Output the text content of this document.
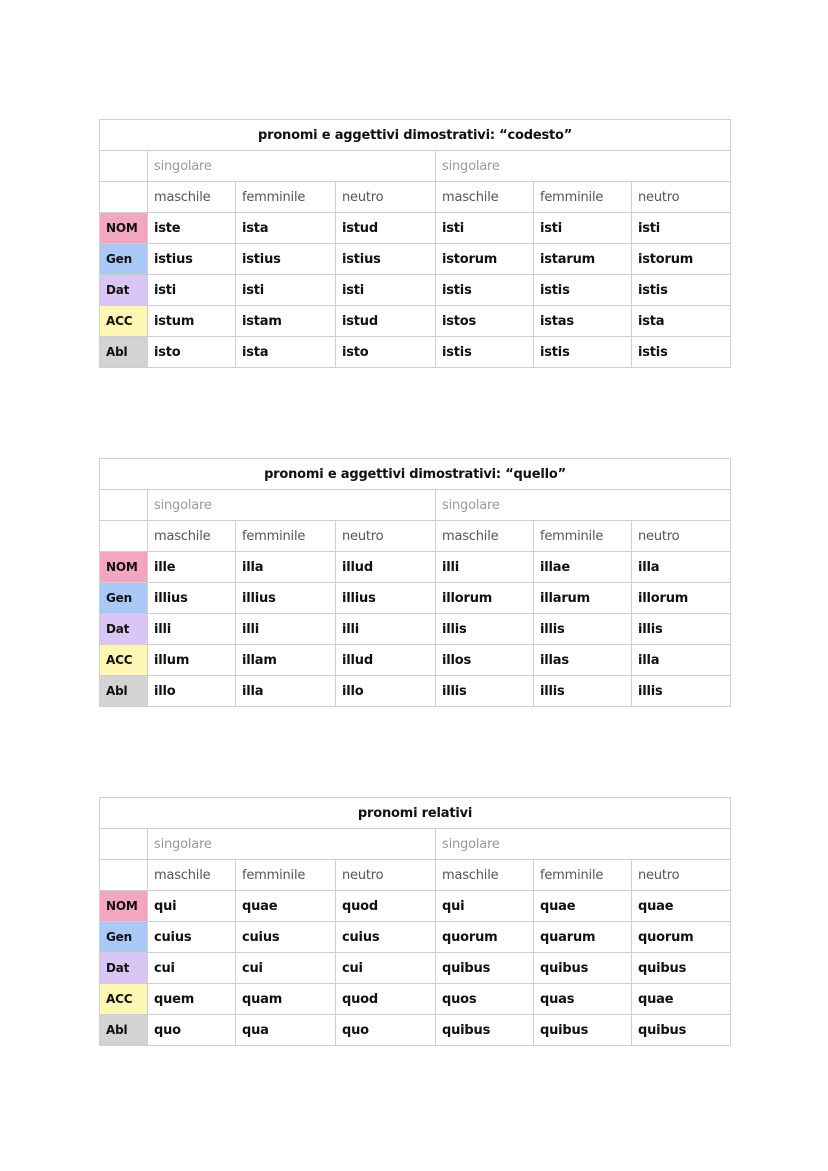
pronomi e aggettivi dimostrativi: “codesto”						
	singolare			singolare		
	maschile	femminile	neutro	maschile	femminile	neutro
NOM	iste	ista	istud	isti	isti	isti
Gen	istius	istius	istius	istorum	istarum	istorum
Dat	isti	isti	isti	istis	istis	istis
ACC	istum	istam	istud	istos	istas	ista
Abl	isto	ista	isto	istis	istis	istis
pronomi e aggettivi dimostrativi: “quello”						
	singolare			singolare		
	maschile	femminile	neutro	maschile	femminile	neutro
NOM	ille	illa	illud	illi	illae	illa
Gen	illius	illius	illius	illorum	illarum	illorum
Dat	illi	illi	illi	illis	illis	illis
ACC	illum	illam	illud	illos	illas	illa
Abl	illo	illa	illo	illis	illis	illis
pronomi relativi						
	singolare			singolare		
	maschile	femminile	neutro	maschile	femminile	neutro
NOM	qui	quae	quod	qui	quae	quae
Gen	cuius	cuius	cuius	quorum	quarum	quorum
Dat	cui	cui	cui	quibus	quibus	quibus
ACC	quem	quam	quod	quos	quas	quae
Abl	quo	qua	quo	quibus	quibus	quibus
